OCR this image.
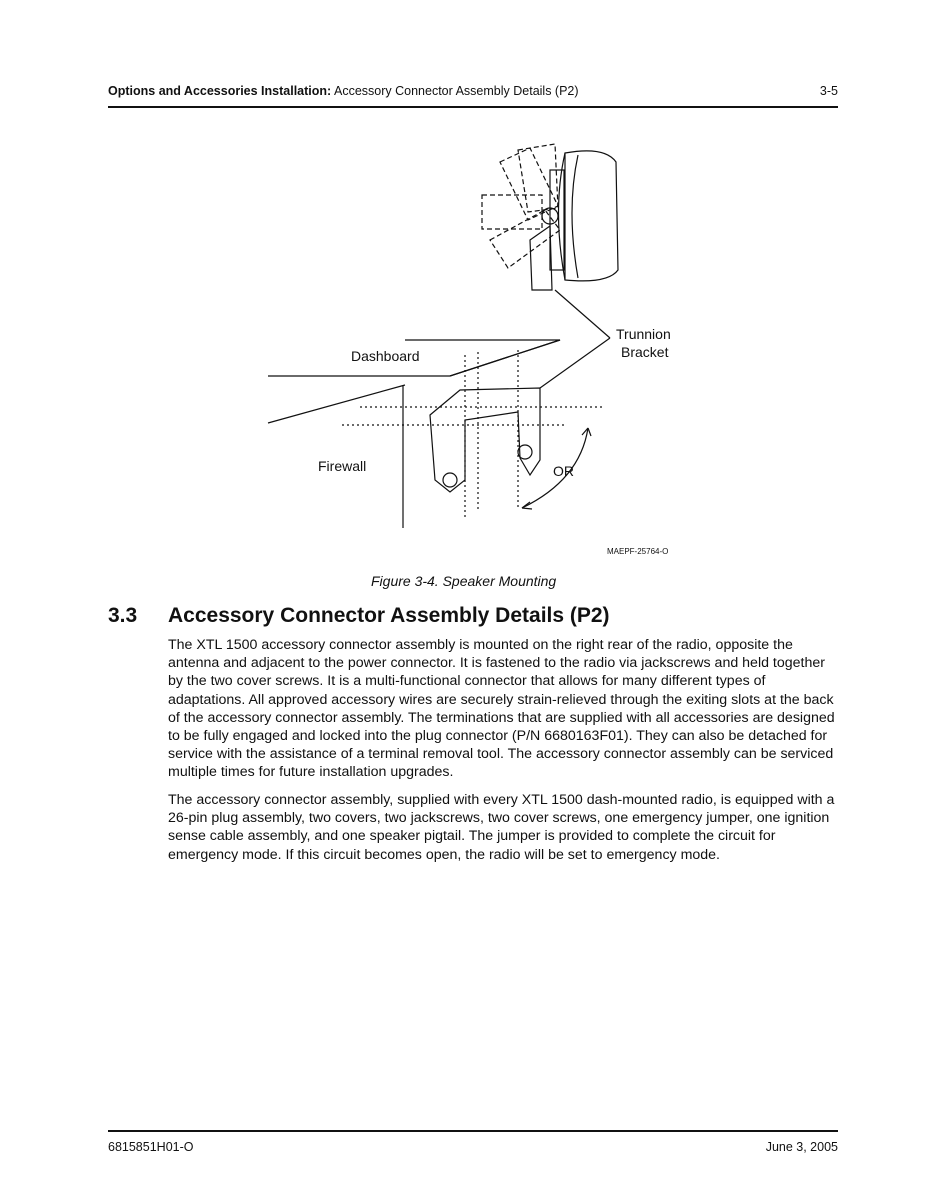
Options and Accessories Installation: Accessory Connector Assembly Details (P2)	3-5
Trunnion
Bracket
Dashboard
Firewall	OR
MAEPF-25764-O
Figure 3-4. Speaker Mounting
3.3 Accessory Connector Assembly Details (P2)
The XTL 1500 accessory connector assembly is mounted on the right rear of the radio, opposite the antenna and adjacent to the power connector. It is fastened to the radio via jackscrews and held together by the two cover screws. It is a multi-functional connector that allows for many different types of adaptations. All approved accessory wires are securely strain-relieved through the exiting slots at the back of the accessory connector assembly. The terminations that are supplied with all accessories are designed to be fully engaged and locked into the plug connector (P/N 6680163F01). They can also be detached for service with the assistance of a terminal removal tool. The accessory connector assembly can be serviced multiple times for future installation upgrades.
The accessory connector assembly, supplied with every XTL 1500 dash-mounted radio, is equipped with a 26-pin plug assembly, two covers, two jackscrews, two cover screws, one emergency jumper, one ignition sense cable assembly, and one speaker pigtail. The jumper is provided to complete the circuit for emergency mode. If this circuit becomes open, the radio will be set to emergency mode.
6815851H01-O	June 3, 2005
